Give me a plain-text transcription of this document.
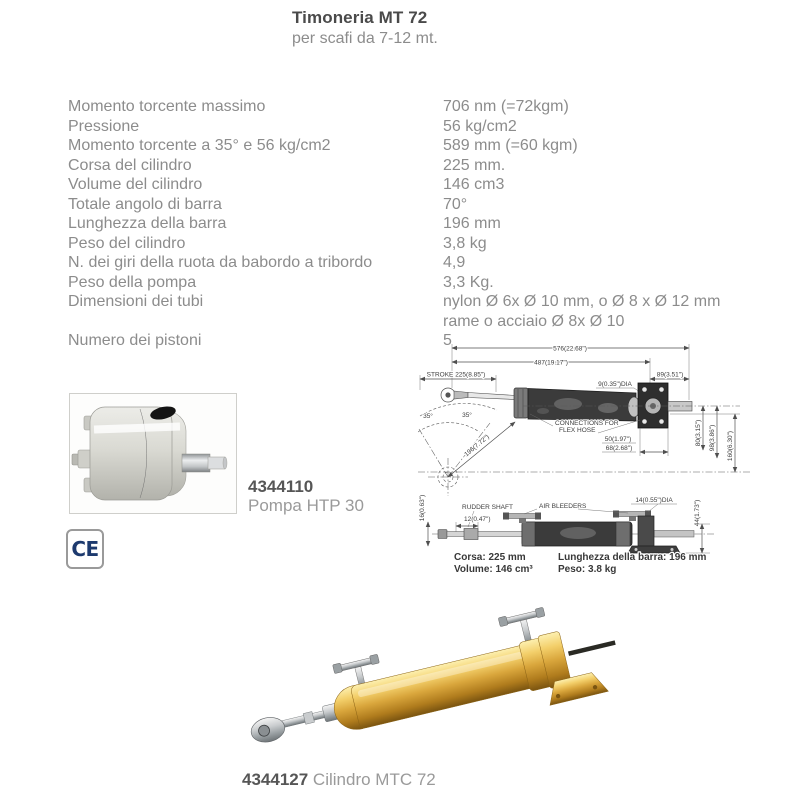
Timoneria MT 72
per scafi da 7-12 mt.
Momento torcente massimo	706 nm (=72kgm)
Pressione	56 kg/cm2
Momento torcente a 35° e 56 kg/cm2	589 mm (=60 kgm)
Corsa del cilindro	225 mm.
Volume del cilindro	146 cm3
Totale angolo di barra	70°
Lunghezza della barra	196 mm
Peso del cilindro	3,8 kg
N. dei giri della ruota da babordo a tribordo	4,9
Peso della pompa	3,3 Kg.
Dimensioni dei tubi	nylon Ø 6x Ø 10 mm, o Ø 8 x Ø 12 mm
rame o acciaio Ø 8x Ø 10
Numero dei pistoni	5
4344110
Pompa HTP 30
CE
576(22.68")
487(19.17")
STROKE 225(8.85")	89(3.51")
9(0.35")DIA
80(3.15") 98(3.86") 160(6.30")
50(1.97")
68(2.68")
CONNECTIONS FOR
FLEX HOSE
196(7.72")
35°	35°
RUDDER SHAFT	AIR BLEEDERS
12(0.47")
14(0.55")DIA	44(1.73")
16(0.63")
Corsa: 225 mm
Volume: 146 cm³
Lunghezza della barra: 196 mm
Peso: 3.8 kg
4344127 Cilindro MTC 72
